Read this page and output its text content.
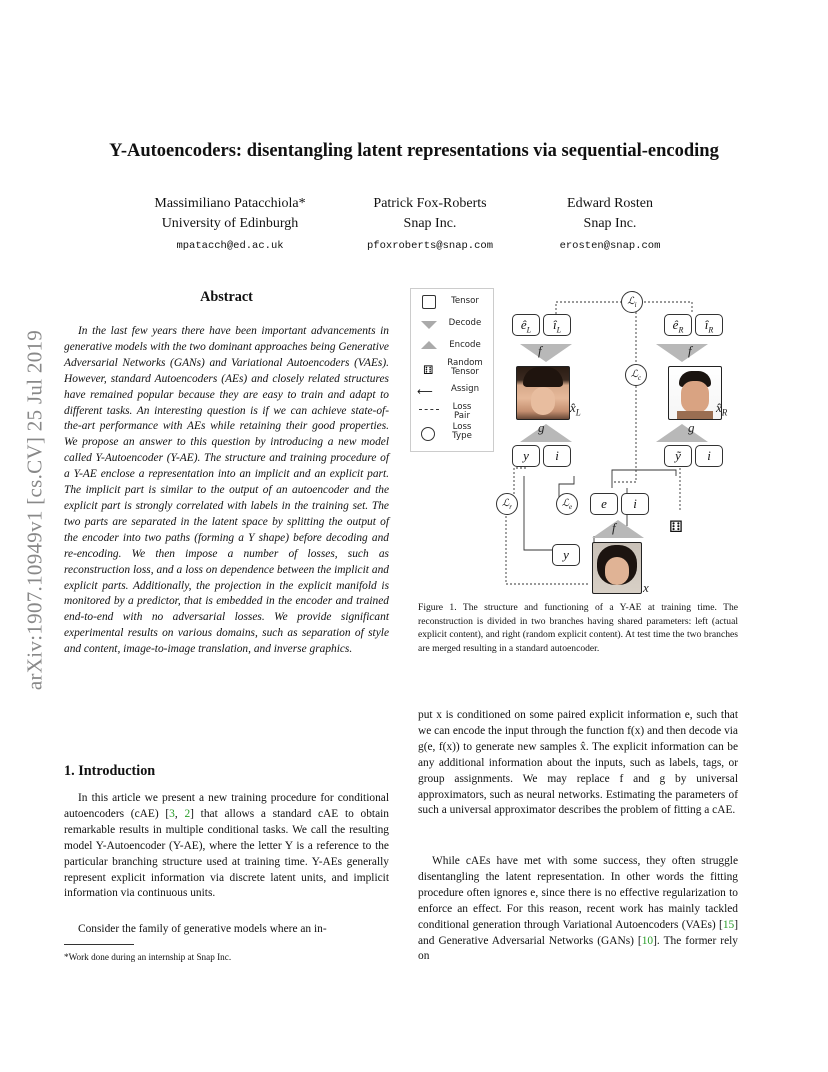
arXiv:1907.10949v1 [cs.CV] 25 Jul 2019
Y-Autoencoders: disentangling latent representations via sequential-encoding
Massimiliano Patacchiola*
University of Edinburgh
mpatacch@ed.ac.uk
Patrick Fox-Roberts
Snap Inc.
pfoxroberts@snap.com
Edward Rosten
Snap Inc.
erosten@snap.com
Abstract
In the last few years there have been important advancements in generative models with the two dominant approaches being Generative Adversarial Networks (GANs) and Variational Autoencoders (VAEs). However, standard Autoencoders (AEs) and closely related structures have remained popular because they are easy to train and adapt to different tasks. An interesting question is if we can achieve state-of-the-art performance with AEs while retaining their good properties. We propose an answer to this question by introducing a new model called Y-Autoencoder (Y-AE). The structure and training procedure of a Y-AE enclose a representation into an implicit and an explicit part. The implicit part is similar to the output of an autoencoder and the explicit part is strongly correlated with labels in the training set. The two parts are separated in the latent space by splitting the output of the encoder into two paths (forming a Y shape) before decoding and re-encoding. We then impose a number of losses, such as reconstruction loss, and a loss on dependence between the implicit and explicit parts. Additionally, the projection in the explicit manifold is monitored by a predictor, that is embedded in the encoder and trained end-to-end with no adversarial losses. We provide significant experimental results on various domains, such as separation of style and content, image-to-image translation, and inverse graphics.
1. Introduction
In this article we present a new training procedure for conditional autoencoders (cAE) [3, 2] that allows a standard cAE to obtain remarkable results in multiple conditional tasks. We call the resulting model Y-Autoencoder (Y-AE), where the letter Y is a reference to the particular branching structure used at training time. Y-AEs generally represent explicit information via discrete latent units, and implicit information via continuous units.
Consider the family of generative models where an in-
*Work done during an internship at Snap Inc.
Tensor
Decode
Encode
⚅	Random Tensor
⟵	Assign
Loss Pair
Loss Type
$ê_L$	$î_L$	$ê_R$	$î_R$
f	f
g	g
f
$x̂_L$	$x̂_R$
x
y	i	ỹ	i
e	i
y
⚅
ℒ$_i$
ℒ$_c$
ℒ$_r$	ℒ$_e$
Figure 1. The structure and functioning of a Y-AE at training time. The reconstruction is divided in two branches having shared parameters: left (actual explicit content), and right (random explicit content). At test time the two branches are merged resulting in a standard autoencoder.
put x is conditioned on some paired explicit information e, such that we can encode the input through the function f(x) and then decode via g(e, f(x)) to generate new samples x̂. The explicit information can be any additional information about the inputs, such as labels, tags, or group assignments. We may replace f and g by universal approximators, such as neural networks. Estimating the parameters of such a universal approximator describes the problem of fitting a cAE.
While cAEs have met with some success, they often struggle disentangling the latent representation. In other words the fitting procedure often ignores e, since there is no effective regularization to enforce an effect. For this reason, recent work has mainly tackled conditional generation through Variational Autoencoders (VAEs) [15] and Generative Adversarial Networks (GANs) [10]. The former rely on
